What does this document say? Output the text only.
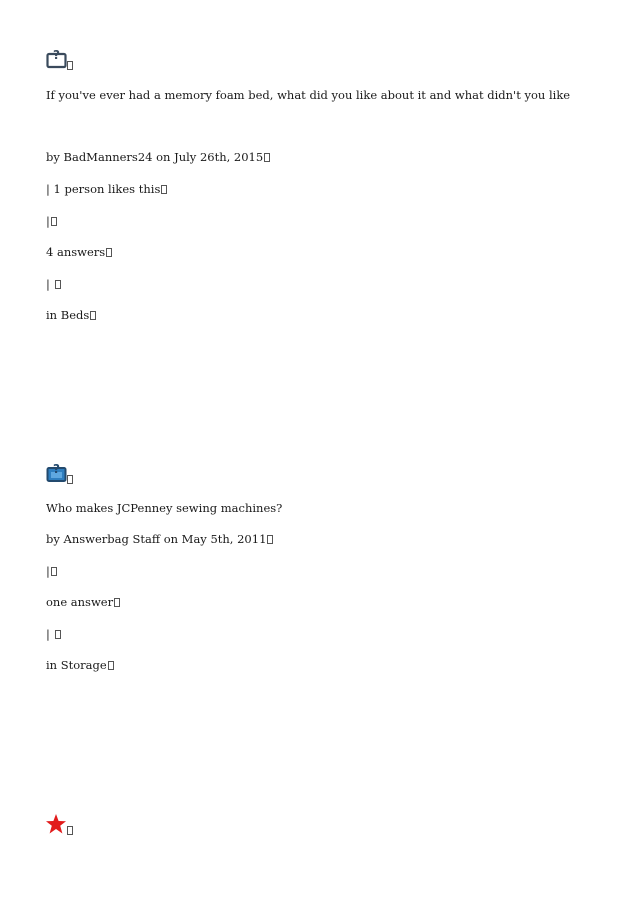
?
If you've ever had a memory foam bed, what did you like about it and what didn't you like
by BadManners24 on July 26th, 2015
| 1 person likes this
|
4 answers
|
in Beds
?
Who makes JCPenney sewing machines?
by Answerbag Staff on May 5th, 2011
|
one answer
|
in Storage
